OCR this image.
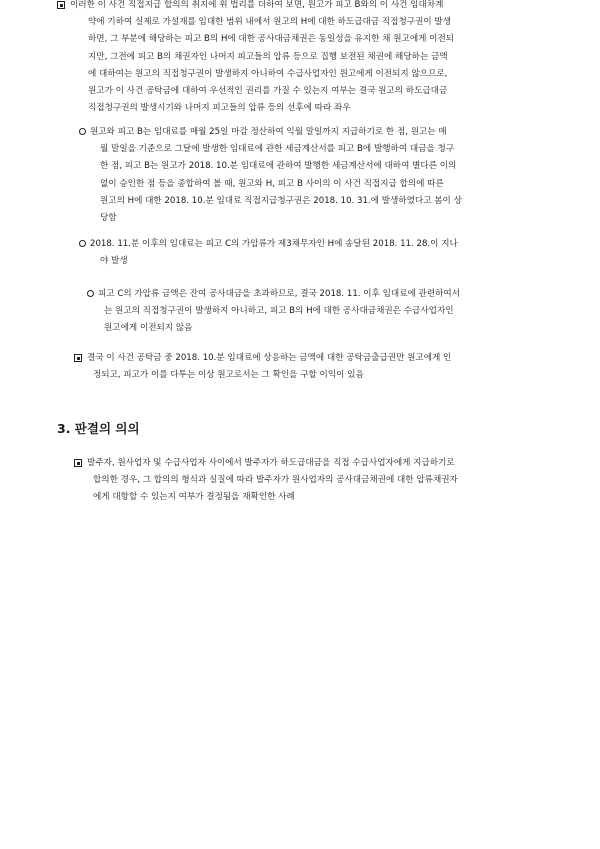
이러한 이 사건 직접지급 합의의 취지에 위 법리를 더하여 보면, 원고가 피고 B와의 이 사건 임대차계
약에 기하여 실제로 가설재를 임대한 범위 내에서 원고의 H에 대한 하도급대금 직접청구권이 발생
하면, 그 부분에 해당하는 피고 B의 H에 대한 공사대금채권은 동일성을 유지한 채 원고에게 이전되
지만, 그전에 피고 B의 채권자인 나머지 피고들의 압류 등으로 집행 보전된 채권에 해당하는 금액
에 대하여는 원고의 직접청구권이 발생하지 아니하여 수급사업자인 원고에게 이전되지 않으므로,
원고가 이 사건 공탁금에 대하여 우선적인 권리를 가질 수 있는지 여부는 결국 원고의 하도급대금
직접청구권의 발생시기와 나머지 피고들의 압류 등의 선후에 따라 좌우
원고와 피고 B는 임대료를 매월 25일 마감 정산하여 익월 말일까지 지급하기로 한 점, 원고는 매
월 말일을 기준으로 그달에 발생한 임대료에 관한 세금계산서를 피고 B에 발행하여 대금을 청구
한 점, 피고 B는 원고가 2018. 10.분 임대료에 관하여 발행한 세금계산서에 대하여 별다른 이의
없이 승인한 점 등을 종합하여 볼 때, 원고와 H, 피고 B 사이의 이 사건 직접지급 합의에 따른
원고의 H에 대한 2018. 10.분 임대료 직접지급청구권은 2018. 10. 31.에 발생하였다고 봄이 상
당함
2018. 11.분 이후의 임대료는 피고 C의 가압류가 제3채무자인 H에 송달된 2018. 11. 28.이 지나
야 발생
피고 C의 가압류 금액은 잔여 공사대금을 초과하므로, 결국 2018. 11. 이후 임대료에 관련하여서
는 원고의 직접청구권이 발생하지 아니하고, 피고 B의 H에 대한 공사대금채권은 수급사업자인
원고에게 이전되지 않음
결국 이 사건 공탁금 중 2018. 10.분 임대료에 상응하는 금액에 대한 공탁금출급권만 원고에게 인
정되고, 피고가 이를 다투는 이상 원고로서는 그 확인을 구할 이익이 있음
3. 판결의 의의
발주자, 원사업자 및 수급사업자 사이에서 발주자가 하도급대금을 직접 수급사업자에게 지급하기로
합의한 경우, 그 합의의 형식과 실질에 따라 발주자가 원사업자의 공사대금채권에 대한 압류채권자
에게 대항할 수 있는지 여부가 결정됨을 재확인한 사례
